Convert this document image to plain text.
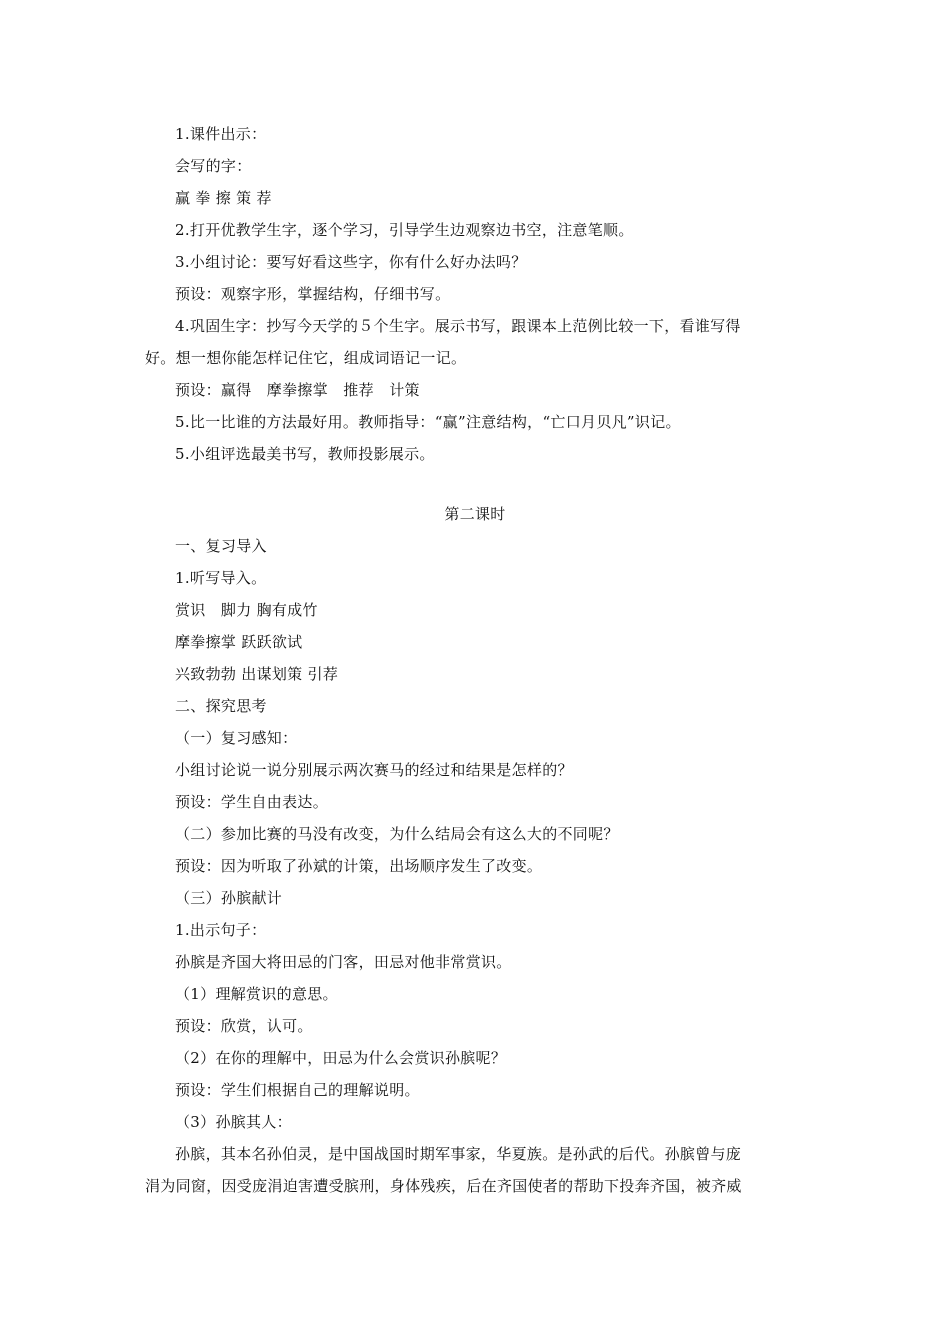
1.课件出示：
会写的字：
赢 拳 擦 策 荐
2.打开优教学生字，逐个学习，引导学生边观察边书空，注意笔顺。
3.小组讨论：要写好看这些字，你有什么好办法吗？
预设：观察字形，掌握结构，仔细书写。
4.巩固生字：抄写今天学的５个生字。展示书写，跟课本上范例比较一下，看谁写得
好。想一想你能怎样记住它，组成词语记一记。
预设：赢得　摩拳擦掌　推荐　计策
5.比一比谁的方法最好用。教师指导：“赢”注意结构，“亡口月贝凡”识记。
5.小组评选最美书写，教师投影展示。
第二课时
一、复习导入
1.听写导入。
赏识　脚力 胸有成竹
摩拳擦掌 跃跃欲试
兴致勃勃 出谋划策 引荐
二、探究思考
（一）复习感知：
小组讨论说一说分别展示两次赛马的经过和结果是怎样的？
预设：学生自由表达。
（二）参加比赛的马没有改变，为什么结局会有这么大的不同呢？
预设：因为听取了孙斌的计策，出场顺序发生了改变。
（三）孙膑献计
1.出示句子：
孙膑是齐国大将田忌的门客，田忌对他非常赏识。
（1）理解赏识的意思。
预设：欣赏，认可。
（2）在你的理解中，田忌为什么会赏识孙膑呢？
预设：学生们根据自己的理解说明。
（3）孙膑其人：
孙膑，其本名孙伯灵，是中国战国时期军事家，华夏族。是孙武的后代。孙膑曾与庞
涓为同窗，因受庞涓迫害遭受膑刑，身体残疾，后在齐国使者的帮助下投奔齐国，被齐威
